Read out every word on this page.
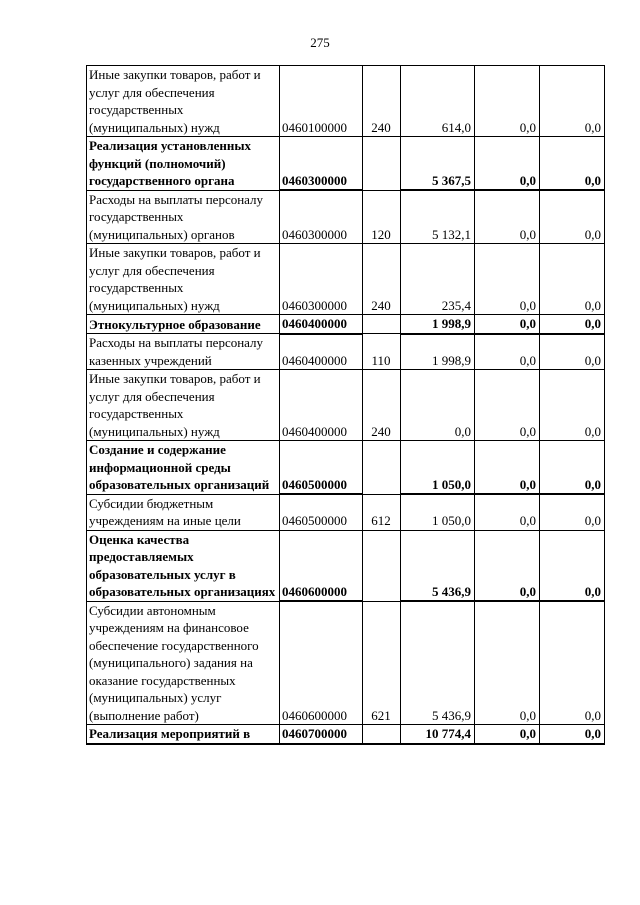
275
Иные закупки товаров, работ и услуг для обеспечения государственных (муниципальных) нужд	0460100000	240	614,0	0,0	0,0
Реализация установленных функций (полномочий) государственного органа	0460300000		5 367,5	0,0	0,0
Расходы на выплаты персоналу государственных (муниципальных) органов	0460300000	120	5 132,1	0,0	0,0
Иные закупки товаров, работ и услуг для обеспечения государственных (муниципальных) нужд	0460300000	240	235,4	0,0	0,0
Этнокультурное образование	0460400000		1 998,9	0,0	0,0
Расходы на выплаты персоналу казенных учреждений	0460400000	110	1 998,9	0,0	0,0
Иные закупки товаров, работ и услуг для обеспечения государственных (муниципальных) нужд	0460400000	240	0,0	0,0	0,0
Создание и содержание информационной среды образовательных организаций	0460500000		1 050,0	0,0	0,0
Субсидии бюджетным учреждениям на иные цели	0460500000	612	1 050,0	0,0	0,0
Оценка качества предоставляемых образовательных услуг в образовательных организациях	0460600000		5 436,9	0,0	0,0
Субсидии автономным учреждениям на финансовое обеспечение государственного (муниципального) задания на оказание государственных (муниципальных) услуг (выполнение работ)	0460600000	621	5 436,9	0,0	0,0
Реализация мероприятий в	0460700000		10 774,4	0,0	0,0
